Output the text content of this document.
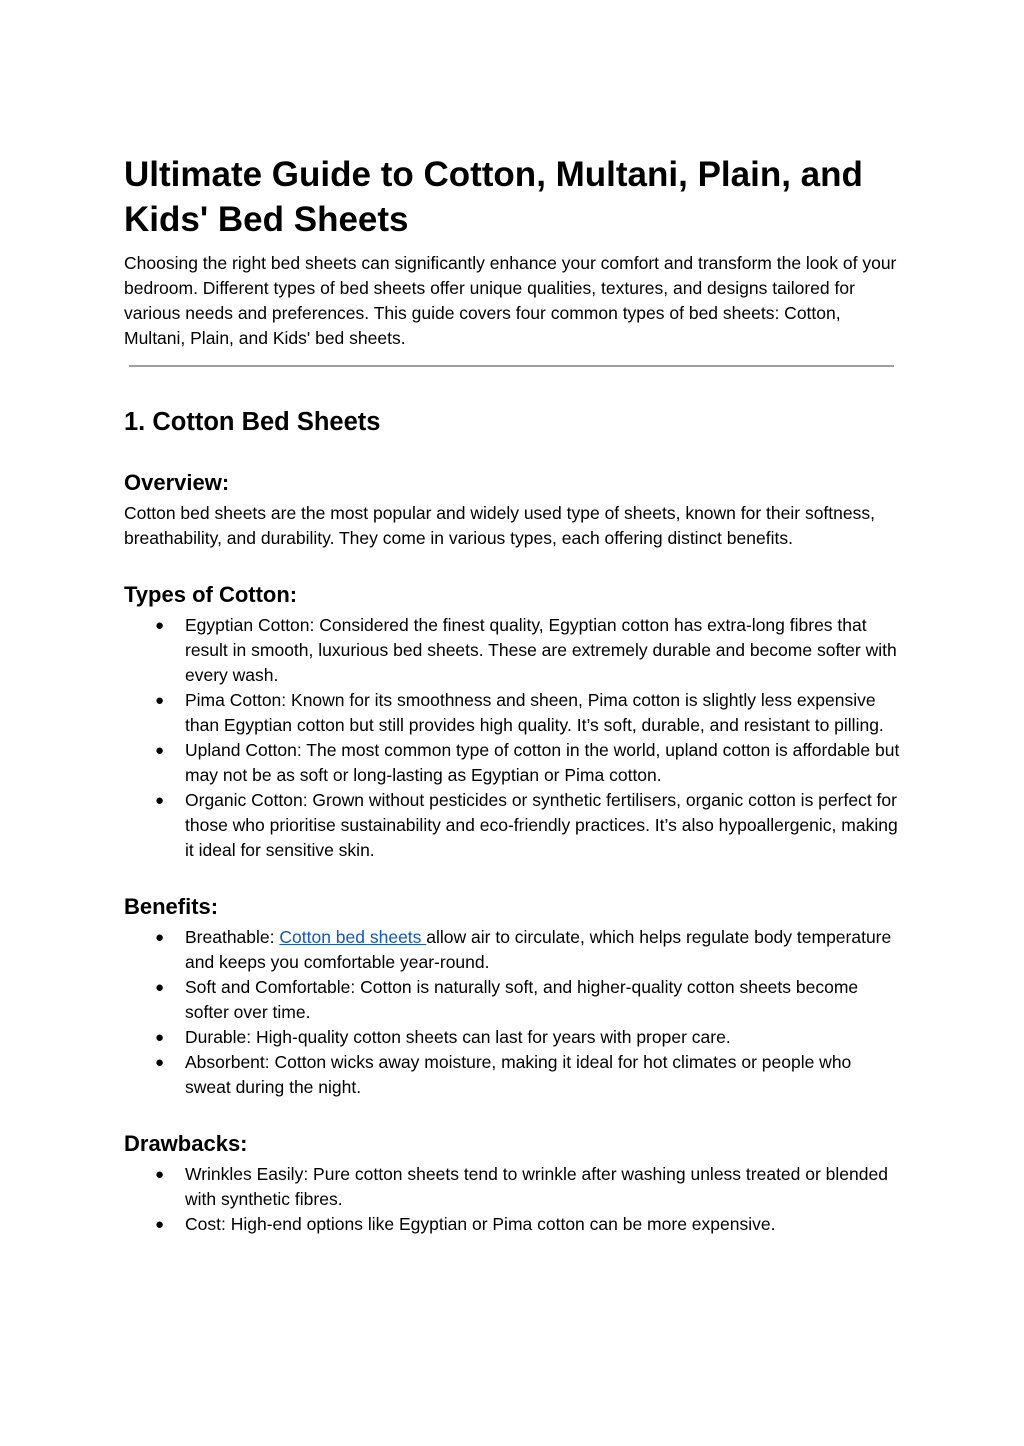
Ultimate Guide to Cotton, Multani, Plain, and Kids' Bed Sheets

Choosing the right bed sheets can significantly enhance your comfort and transform the look of your bedroom. Different types of bed sheets offer unique qualities, textures, and designs tailored for various needs and preferences. This guide covers four common types of bed sheets: Cotton, Multani, Plain, and Kids' bed sheets.

1. Cotton Bed Sheets
Overview:

Cotton bed sheets are the most popular and widely used type of sheets, known for their softness, breathability, and durability. They come in various types, each offering distinct benefits.

Types of Cotton:
● Egyptian Cotton: Considered the finest quality, Egyptian cotton has extra-long fibres that result in smooth, luxurious bed sheets. These are extremely durable and become softer with every wash.
● Pima Cotton: Known for its smoothness and sheen, Pima cotton is slightly less expensive than Egyptian cotton but still provides high quality. It’s soft, durable, and resistant to pilling.
● Upland Cotton: The most common type of cotton in the world, upland cotton is affordable but may not be as soft or long-lasting as Egyptian or Pima cotton.
● Organic Cotton: Grown without pesticides or synthetic fertilisers, organic cotton is perfect for those who prioritise sustainability and eco-friendly practices. It’s also hypoallergenic, making it ideal for sensitive skin.
Benefits:
● Breathable: Cotton bed sheets allow air to circulate, which helps regulate body temperature and keeps you comfortable year-round.
● Soft and Comfortable: Cotton is naturally soft, and higher-quality cotton sheets become softer over time.
● Durable: High-quality cotton sheets can last for years with proper care.
● Absorbent: Cotton wicks away moisture, making it ideal for hot climates or people who sweat during the night.
Drawbacks:
● Wrinkles Easily: Pure cotton sheets tend to wrinkle after washing unless treated or blended with synthetic fibres.
● Cost: High-end options like Egyptian or Pima cotton can be more expensive.
